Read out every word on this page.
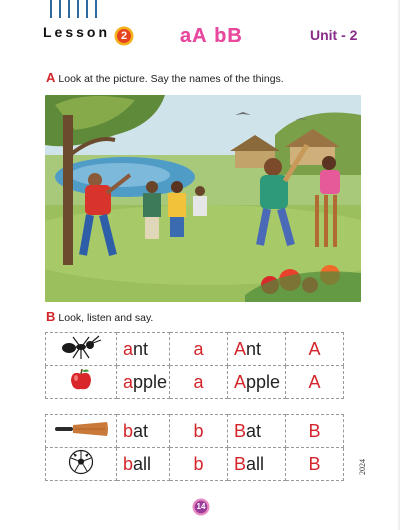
Lesson 2	aA bB	Unit - 2
A Look at the picture. Say the names of the things.
B Look, listen and say.
	ant	a	Ant	A
	apple	a	Apple	A
	bat	b	Bat	B
	ball	b	Ball	B
14
2024
